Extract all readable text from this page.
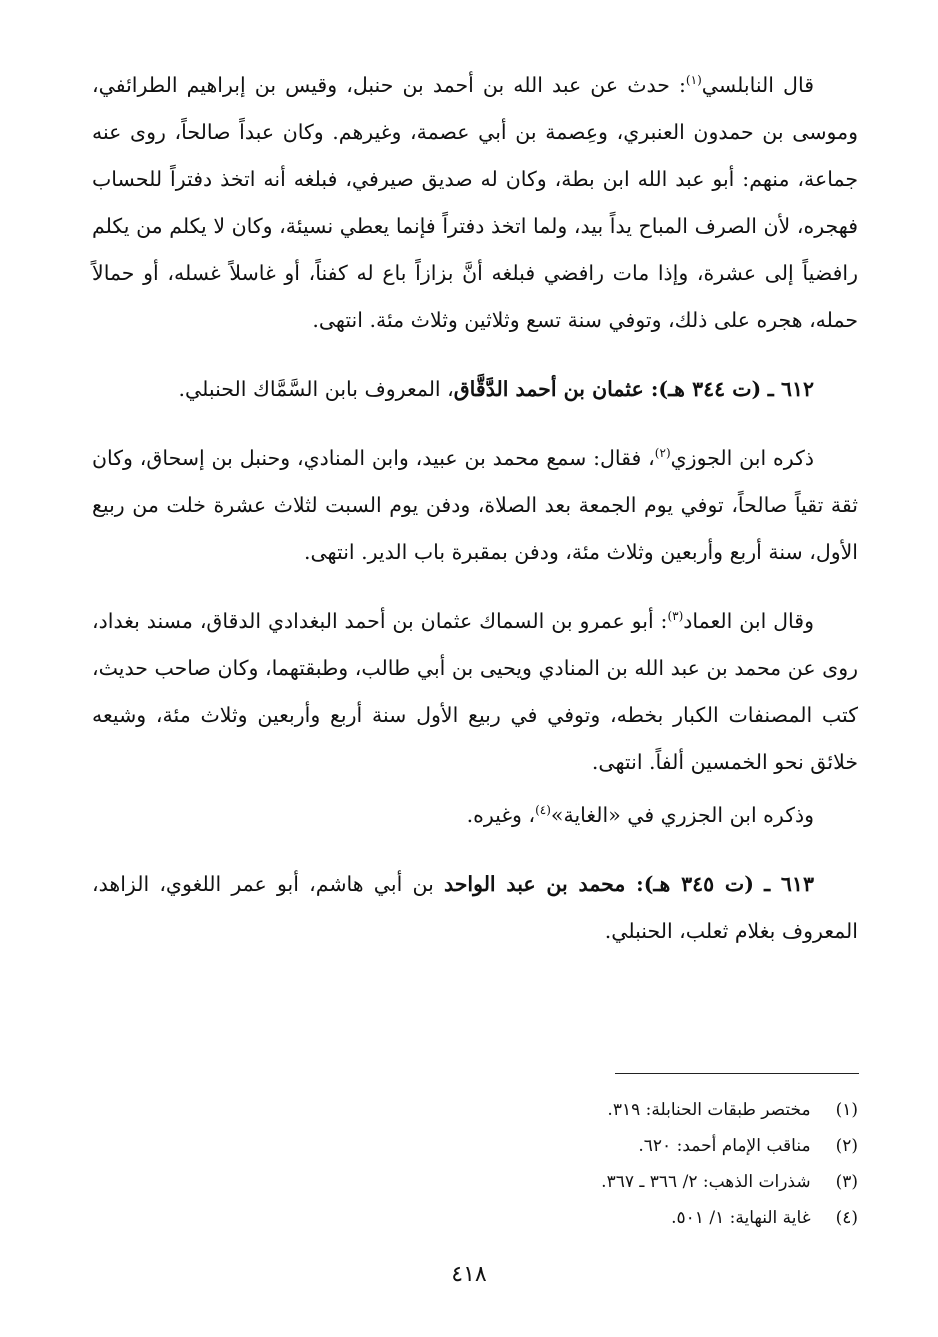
قال النابلسي$^{(١)}$: حدث عن عبد الله بن أحمد بن حنبل، وقيس بن إبراهيم الطرائفي، وموسى بن حمدون العنبري، وعِصمة بن أبي عصمة، وغيرهم. وكان عبداً صالحاً، روى عنه جماعة، منهم: أبو عبد الله ابن بطة، وكان له صديق صيرفي، فبلغه أنه اتخذ دفتراً للحساب فهجره، لأن الصرف المباح يداً بيد، ولما اتخذ دفتراً فإنما يعطي نسيئة، وكان لا يكلم من يكلم رافضياً إلى عشرة، وإذا مات رافضي فبلغه أنَّ بزازاً باع له كفناً، أو غاسلاً غسله، أو حمالاً حمله، هجره على ذلك، وتوفي سنة تسع وثلاثين وثلاث مئة. انتهى.

٦١٢ ـ (ت ٣٤٤ هـ): عثمان بن أحمد الدَّقَّاق، المعروف بابن السَّمَّاك الحنبلي.

ذكره ابن الجوزي$^{(٢)}$، فقال: سمع محمد بن عبيد، وابن المنادي، وحنبل بن إسحاق، وكان ثقة تقياً صالحاً، توفي يوم الجمعة بعد الصلاة، ودفن يوم السبت لثلاث عشرة خلت من ربيع الأول، سنة أربع وأربعين وثلاث مئة، ودفن بمقبرة باب الدير. انتهى.

وقال ابن العماد$^{(٣)}$: أبو عمرو بن السماك عثمان بن أحمد البغدادي الدقاق، مسند بغداد، روى عن محمد بن عبد الله بن المنادي ويحيى بن أبي طالب، وطبقتهما، وكان صاحب حديث، كتب المصنفات الكبار بخطه، وتوفي في ربيع الأول سنة أربع وأربعين وثلاث مئة، وشيعه خلائق نحو الخمسين ألفاً. انتهى.

وذكره ابن الجزري في «الغاية»$^{(٤)}$، وغيره.

٦١٣ ـ (ت ٣٤٥ هـ): محمد بن عبد الواحد بن أبي هاشم، أبو عمر اللغوي، الزاهد، المعروف بغلام ثعلب، الحنبلي.

(١) مختصر طبقات الحنابلة: ٣١٩.
(٢) مناقب الإمام أحمد: ٦٢٠.
(٣) شذرات الذهب: ٢/ ٣٦٦ ـ ٣٦٧.
(٤) غاية النهاية: ١/ ٥٠١.
٤١٨
